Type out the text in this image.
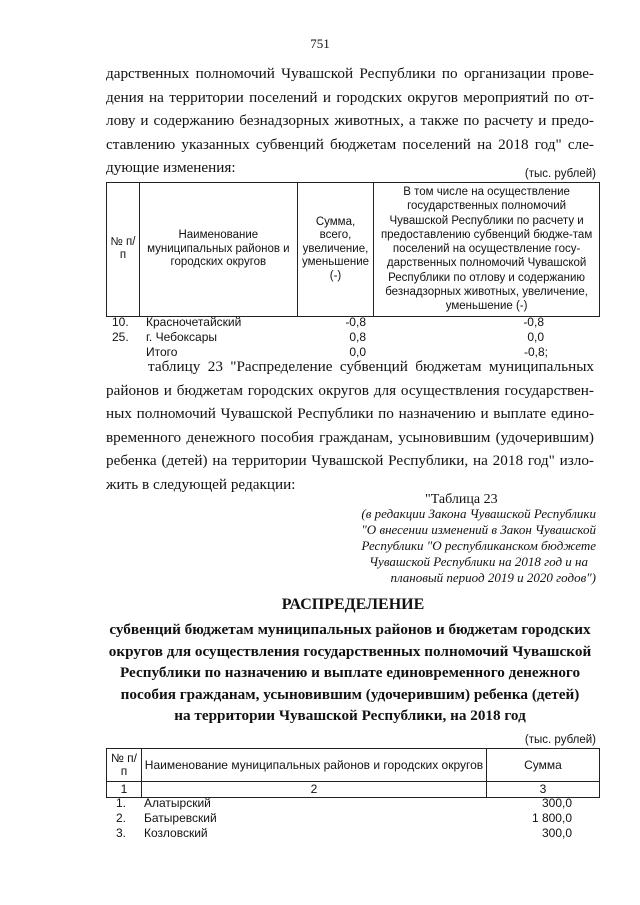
751
дарственных полномочий Чувашской Республики по организации прове-
дения на территории поселений и городских округов мероприятий по от-
лову и содержанию безнадзорных животных, а также по расчету и предо-
ставлению указанных субвенций бюджетам поселений на 2018 год" сле-
дующие изменения:	(тыс. рублей)
№ п/п	Наименование муниципальных районов и городских округов	Сумма, всего, увеличение, уменьшение (-)	В том числе на осуществление государственных полномочий Чувашской Республики по расчету и предоставлению субвенций бюдже-там поселений на осуществление госу-дарственных полномочий Чувашской Республики по отлову и содержанию безнадзорных животных, увеличение, уменьшение (-)
10. Красночетайский	-0,8	-0,8
25. г. Чебоксары	0,8	0,0
Итого	0,0	-0,8;
таблицу 23 "Распределение субвенций бюджетам муниципальных
районов и бюджетам городских округов для осуществления государствен-
ных полномочий Чувашской Республики по назначению и выплате едино-
временного денежного пособия гражданам, усыновившим (удочерившим)
ребенка (детей) на территории Чувашской Республики, на 2018 год" изло-
жить в следующей редакции:
"Таблица 23
(в редакции Закона Чувашской Республики
"О внесении изменений в Закон Чувашской
Республики "О республиканском бюджете
Чувашской Республики на 2018 год и на
плановый период 2019 и 2020 годов")
РАСПРЕДЕЛЕНИЕ
субвенций бюджетам муниципальных районов и бюджетам городских
округов для осуществления государственных полномочий Чувашской
Республики по назначению и выплате единовременного денежного
пособия гражданам, усыновившим (удочерившим) ребенка (детей)
на территории Чувашской Республики, на 2018 год
(тыс. рублей)
№ п/п	Наименование муниципальных районов и городских округов	Сумма
1	2	3
1. Алатырский	300,0
2. Батыревский	1 800,0
3. Козловский	300,0
